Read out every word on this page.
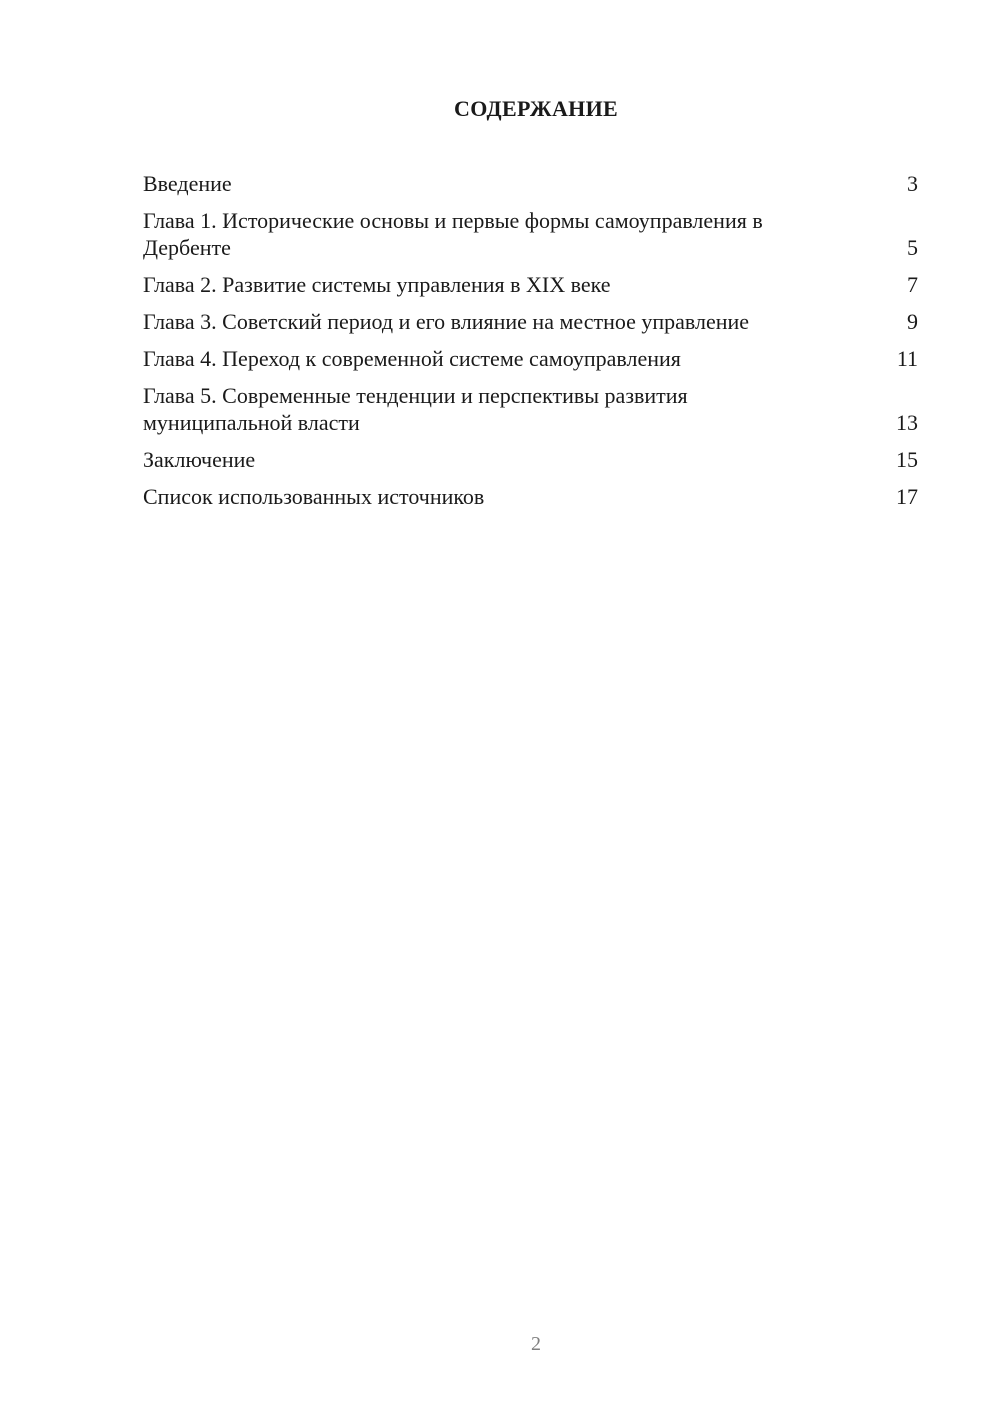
СОДЕРЖАНИЕ
Введение	3
Глава 1. Исторические основы и первые формы самоуправления в Дербенте	5
Глава 2. Развитие системы управления в XIX веке	7
Глава 3. Советский период и его влияние на местное управление	9
Глава 4. Переход к современной системе самоуправления	11
Глава 5. Современные тенденции и перспективы развития муниципальной власти	13
Заключение	15
Список использованных источников	17
2
